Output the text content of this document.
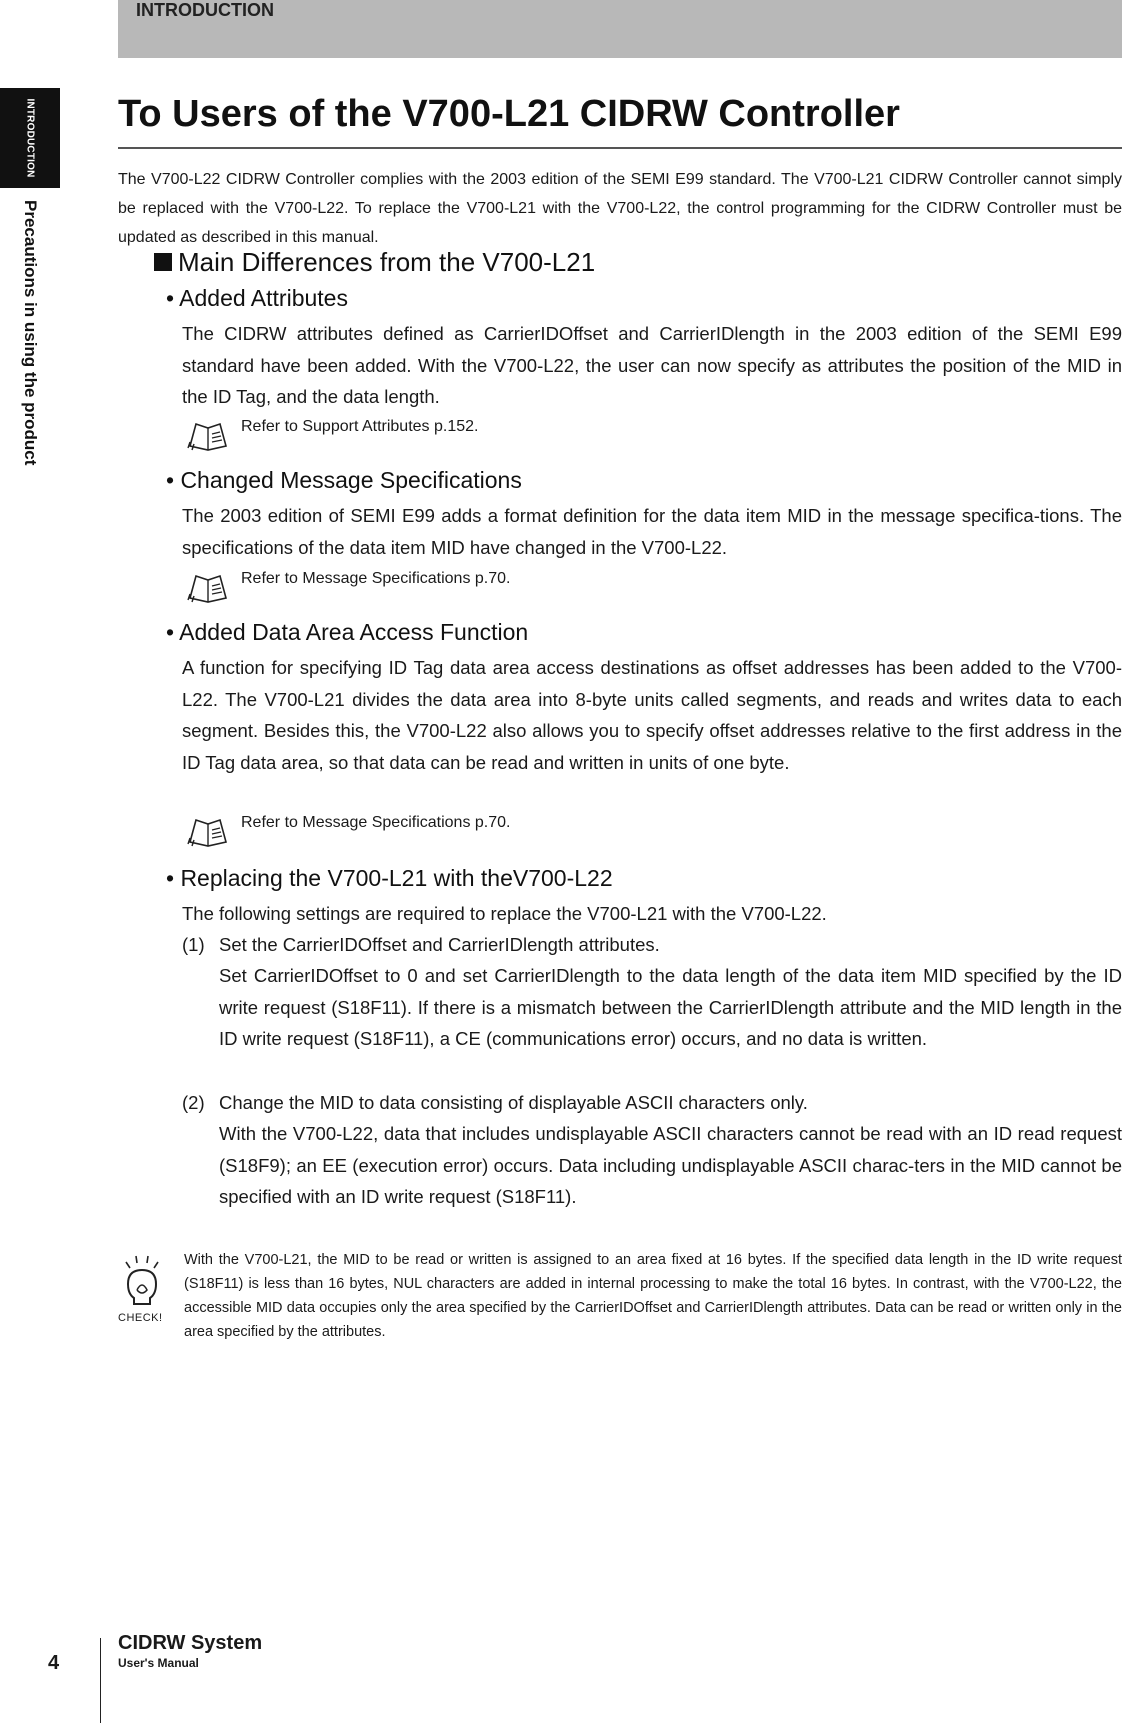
INTRODUCTION
INTRODUCTION
Precautions in using the product
To Users of the V700-L21 CIDRW Controller

The V700-L22 CIDRW Controller complies with the 2003 edition of the SEMI E99 standard. The V700-L21 CIDRW Controller cannot simply be replaced with the V700-L22. To replace the V700-L21 with the V700-L22, the control programming for the CIDRW Controller must be updated as described in this manual.

Main Differences from the V700-L21
• Added Attributes

The CIDRW attributes defined as CarrierIDOffset and CarrierIDlength in the 2003 edition of the SEMI E99 standard have been added. With the V700-L22, the user can now specify as attributes the position of the MID in the ID Tag, and the data length.

Refer to Support Attributes p.152.
• Changed Message Specifications

The 2003 edition of SEMI E99 adds a format definition for the data item MID in the message specifica-tions. The specifications of the data item MID have changed in the V700-L22.

Refer to Message Specifications p.70.
• Added Data Area Access Function

A function for specifying ID Tag data area access destinations as offset addresses has been added to the V700-L22. The V700-L21 divides the data area into 8-byte units called segments, and reads and writes data to each segment. Besides this, the V700-L22 also allows you to specify offset addresses relative to the first address in the ID Tag data area, so that data can be read and written in units of one byte.

Refer to Message Specifications p.70.
• Replacing the V700-L21 with theV700-L22

The following settings are required to replace the V700-L21 with the V700-L22.

(1) Set the CarrierIDOffset and CarrierIDlength attributes.

Set CarrierIDOffset to 0 and set CarrierIDlength to the data length of the data item MID specified by the ID write request (S18F11). If there is a mismatch between the CarrierIDlength attribute and the MID length in the ID write request (S18F11), a CE (communications error) occurs, and no data is written.

(2) Change the MID to data consisting of displayable ASCII characters only.

With the V700-L22, data that includes undisplayable ASCII characters cannot be read with an ID read request (S18F9); an EE (execution error) occurs. Data including undisplayable ASCII charac-ters in the MID cannot be specified with an ID write request (S18F11).

CHECK!

With the V700-L21, the MID to be read or written is assigned to an area fixed at 16 bytes. If the specified data length in the ID write request (S18F11) is less than 16 bytes, NUL characters are added in internal processing to make the total 16 bytes. In contrast, with the V700-L22, the accessible MID data occupies only the area specified by the CarrierIDOffset and CarrierIDlength attributes. Data can be read or written only in the area specified by the attributes.

4
CIDRW System
User's Manual
